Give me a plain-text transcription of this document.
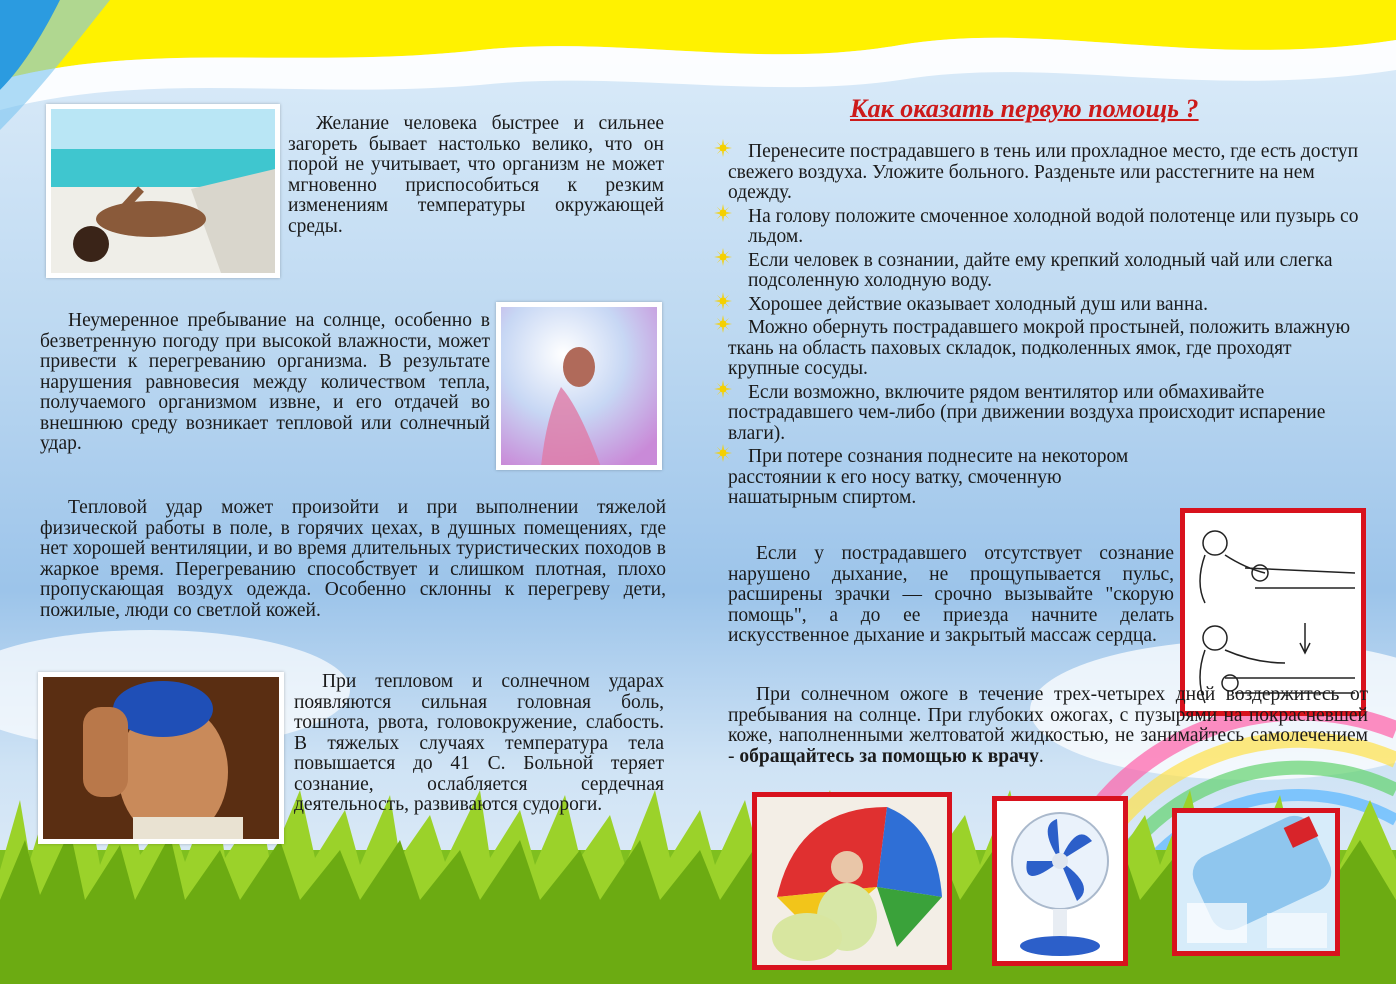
Желание человека быстрее и сильнее загореть бывает настолько велико, что он порой не учитывает, что организм не может мгновенно приспособиться к резким изменениям температуры окружающей среды.

Неумеренное пребывание на солнце, особенно в безветренную погоду при высокой влажности, может привести к перегреванию организма. В результате нарушения равновесия между количеством тепла, получаемого организмом извне, и его отдачей во внешнюю среду возникает тепловой или солнечный удар.

Тепловой удар может произойти и при выполнении тяжелой физической работы в поле, в горячих цехах, в душных помещениях, где нет хорошей вентиляции, и во время длительных туристических походов в жаркое время. Перегреванию способствует и слишком плотная, плохо пропускающая воздух одежда. Особенно склонны к перегреву дети, пожилые, люди со светлой кожей.

При тепловом и солнечном ударах появляются сильная головная боль, тошнота, рвота, головокружение, слабость. В тяжелых случаях температура тела повышается до 41 С. Больной теряет сознание, ослабляется сердечная деятельность, развиваются судороги.

Как оказать первую помощь ?
Перенесите пострадавшего в тень или прохладное место, где есть доступ свежего воздуха. Уложите больного. Разденьте или расстегните на нем одежду.
На голову положите смоченное холодной водой полотенце или пузырь со льдом.
Если человек в сознании, дайте ему крепкий холодный чай или слегка подсоленную холодную воду.
Хорошее действие оказывает холодный душ или ванна.
Можно обернуть пострадавшего мокрой простыней, положить влажную ткань на область паховых складок, подколенных ямок, где проходят крупные сосуды.
Если возможно, включите рядом вентилятор или обмахивайте пострадавшего чем-либо (при движении воздуха происходит испарение влаги).
При потере сознания поднесите на некотором расстоянии к его носу ватку, смоченную нашатырным спиртом.

Если у пострадавшего отсутствует сознание нарушено дыхание, не прощупывается пульс, расширены зрачки — срочно вызывайте "скорую помощь", а до ее приезда начните делать искусственное дыхание и закрытый массаж сердца.

При солнечном ожоге в течение трех-четырех дней воздержитесь от пребывания на солнце. При глубоких ожогах, с пузырями на покрасневшей коже, наполненными желтоватой жидкостью, не занимайтесь самолечением - обращайтесь за помощью к врачу.
